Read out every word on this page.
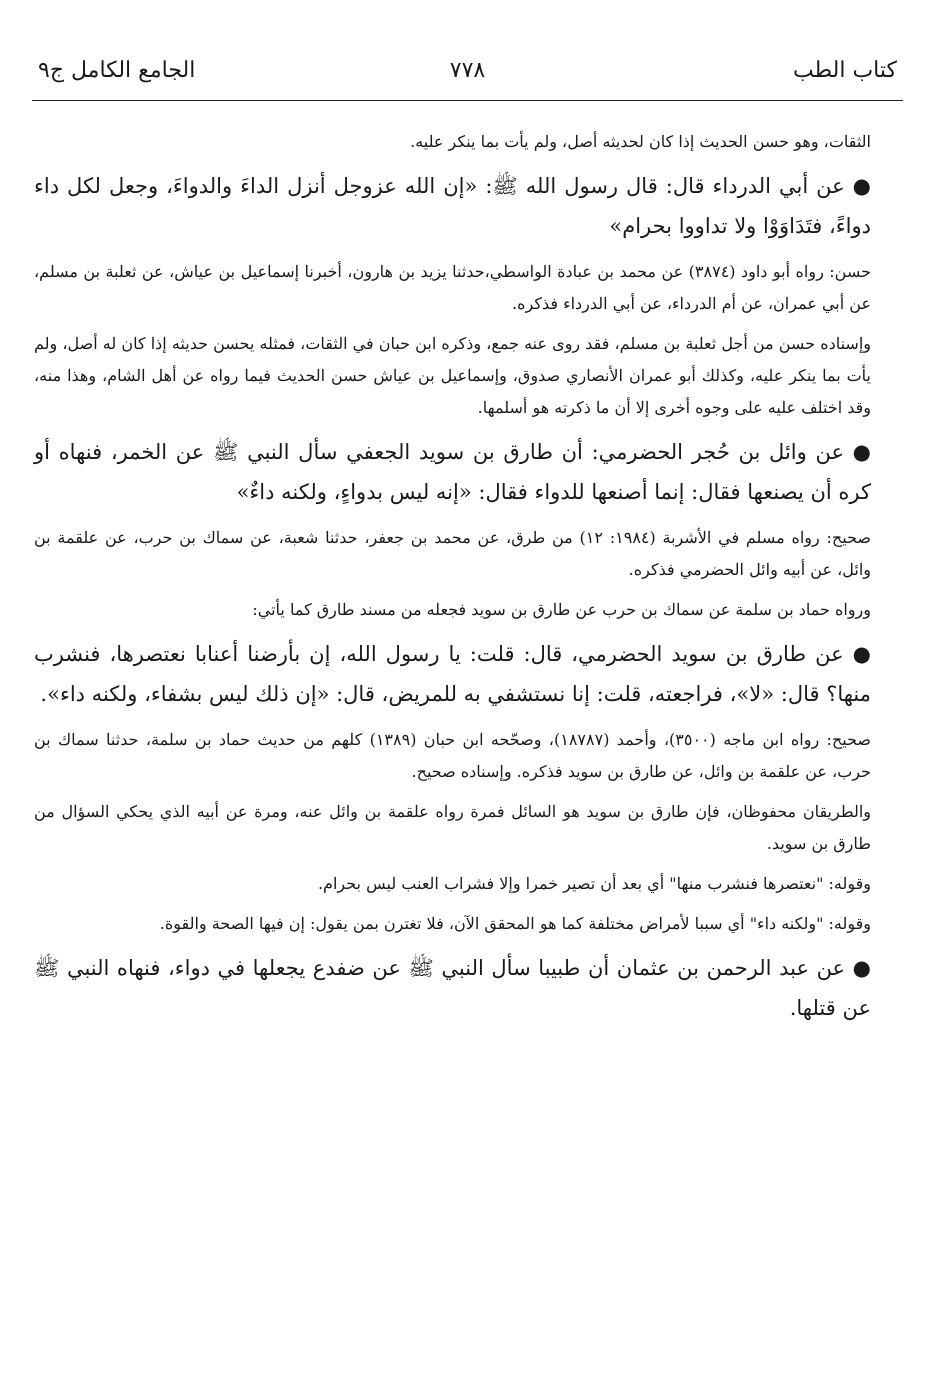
كتاب الطب
٧٧٨
الجامع الكامل ج٩

الثقات، وهو حسن الحديث إذا كان لحديثه أصل، ولم يأت بما ينكر عليه.

● عن أبي الدرداء قال: قال رسول الله ﷺ: «إن الله عزوجل أنزل الداءَ والدواءَ، وجعل لكل داء دواءً، فتَدَاوَوْا ولا تداووا بحرام»

حسن: رواه أبو داود (٣٨٧٤) عن محمد بن عبادة الواسطي،حدثنا يزيد بن هارون، أخبرنا إسماعيل بن عياش، عن ثعلبة بن مسلم، عن أبي عمران، عن أم الدرداء، عن أبي الدرداء فذكره.

وإسناده حسن من أجل ثعلبة بن مسلم، فقد روى عنه جمع، وذكره ابن حبان في الثقات، فمثله يحسن حديثه إذا كان له أصل، ولم يأت بما ينكر عليه، وكذلك أبو عمران الأنصاري صدوق، وإسماعيل بن عياش حسن الحديث فيما رواه عن أهل الشام، وهذا منه، وقد اختلف عليه على وجوه أخرى إلا أن ما ذكرته هو أسلمها.

● عن وائل بن حُجر الحضرمي: أن طارق بن سويد الجعفي سأل النبي ﷺ عن الخمر، فنهاه أو كره أن يصنعها فقال: إنما أصنعها للدواء فقال: «إنه ليس بدواءٍ، ولكنه داءٌ»

صحيح: رواه مسلم في الأشربة (١٩٨٤: ١٢) من طرق، عن محمد بن جعفر، حدثنا شعبة، عن سماك بن حرب، عن علقمة بن وائل، عن أبيه وائل الحضرمي فذكره.

ورواه حماد بن سلمة عن سماك بن حرب عن طارق بن سويد فجعله من مسند طارق كما يأتي:

● عن طارق بن سويد الحضرمي، قال: قلت: يا رسول الله، إن بأرضنا أعنابا نعتصرها، فنشرب منها؟ قال: «لا»، فراجعته، قلت: إنا نستشفي به للمريض، قال: «إن ذلك ليس بشفاء، ولكنه داء».

صحيح: رواه ابن ماجه (٣٥٠٠)، وأحمد (١٨٧٨٧)، وصحّحه ابن حبان (١٣٨٩) كلهم من حديث حماد بن سلمة، حدثنا سماك بن حرب، عن علقمة بن وائل، عن طارق بن سويد فذكره. وإسناده صحيح.

والطريقان محفوظان، فإن طارق بن سويد هو السائل فمرة رواه علقمة بن وائل عنه، ومرة عن أبيه الذي يحكي السؤال من طارق بن سويد.

وقوله: "نعتصرها فنشرب منها" أي بعد أن تصير خمرا وإلا فشراب العنب ليس بحرام.

وقوله: "ولكنه داء" أي سببا لأمراض مختلفة كما هو المحقق الآن، فلا تغترن بمن يقول: إن فيها الصحة والقوة.

● عن عبد الرحمن بن عثمان أن طبيبا سأل النبي ﷺ عن ضفدع يجعلها في دواء، فنهاه النبي ﷺ عن قتلها.
